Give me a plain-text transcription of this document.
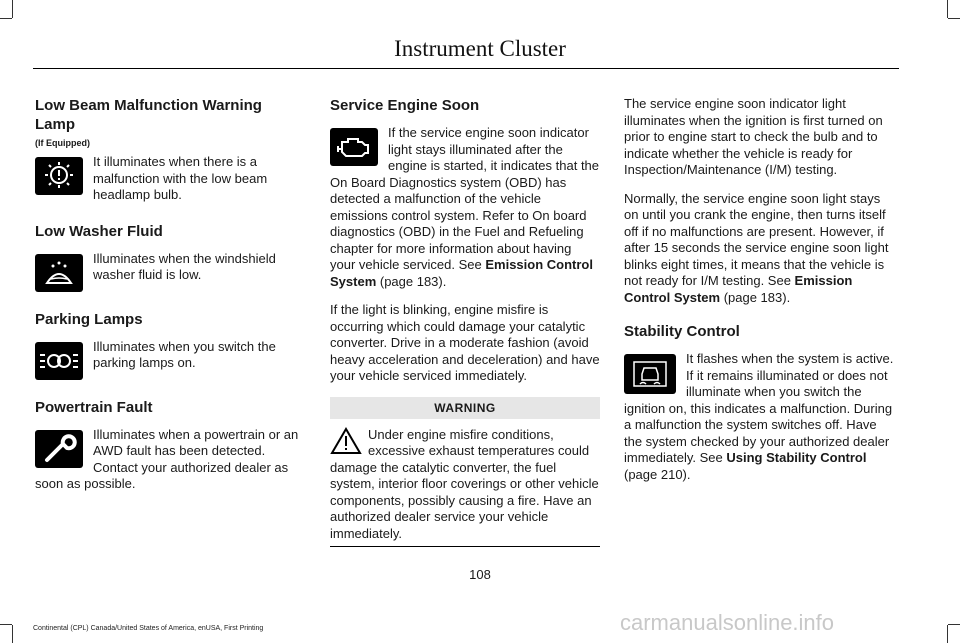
Instrument Cluster
Low Beam Malfunction Warning Lamp
(If Equipped)
It illuminates when there is a malfunction with the low beam headlamp bulb.
Low Washer Fluid
Illuminates when the windshield washer fluid is low.
Parking Lamps
Illuminates when you switch the parking lamps on.
Powertrain Fault
Illuminates when a powertrain or an AWD fault has been detected. Contact your authorized dealer as soon as possible.
Service Engine Soon

If the service engine soon indicator light stays illuminated after the engine is started, it indicates that the On Board Diagnostics system (OBD) has detected a malfunction of the vehicle emissions control system. Refer to On board diagnostics (OBD) in the Fuel and Refueling chapter for more information about having your vehicle serviced. See Emission Control System (page 183).

If the light is blinking, engine misfire is occurring which could damage your catalytic converter. Drive in a moderate fashion (avoid heavy acceleration and deceleration) and have your vehicle serviced immediately.

WARNING
Under engine misfire conditions, excessive exhaust temperatures could damage the catalytic converter, the fuel system, interior floor coverings or other vehicle components, possibly causing a fire. Have an authorized dealer service your vehicle immediately.

The service engine soon indicator light illuminates when the ignition is first turned on prior to engine start to check the bulb and to indicate whether the vehicle is ready for Inspection/Maintenance (I/M) testing.

Normally, the service engine soon light stays on until you crank the engine, then turns itself off if no malfunctions are present. However, if after 15 seconds the service engine soon light blinks eight times, it means that the vehicle is not ready for I/M testing. See Emission Control System (page 183).

Stability Control

It flashes when the system is active. If it remains illuminated or does not illuminate when you switch the ignition on, this indicates a malfunction. During a malfunction the system switches off. Have the system checked by your authorized dealer immediately. See Using Stability Control (page 210).

108
Continental (CPL) Canada/United States of America, enUSA, First Printing	carmanualsonline.info
